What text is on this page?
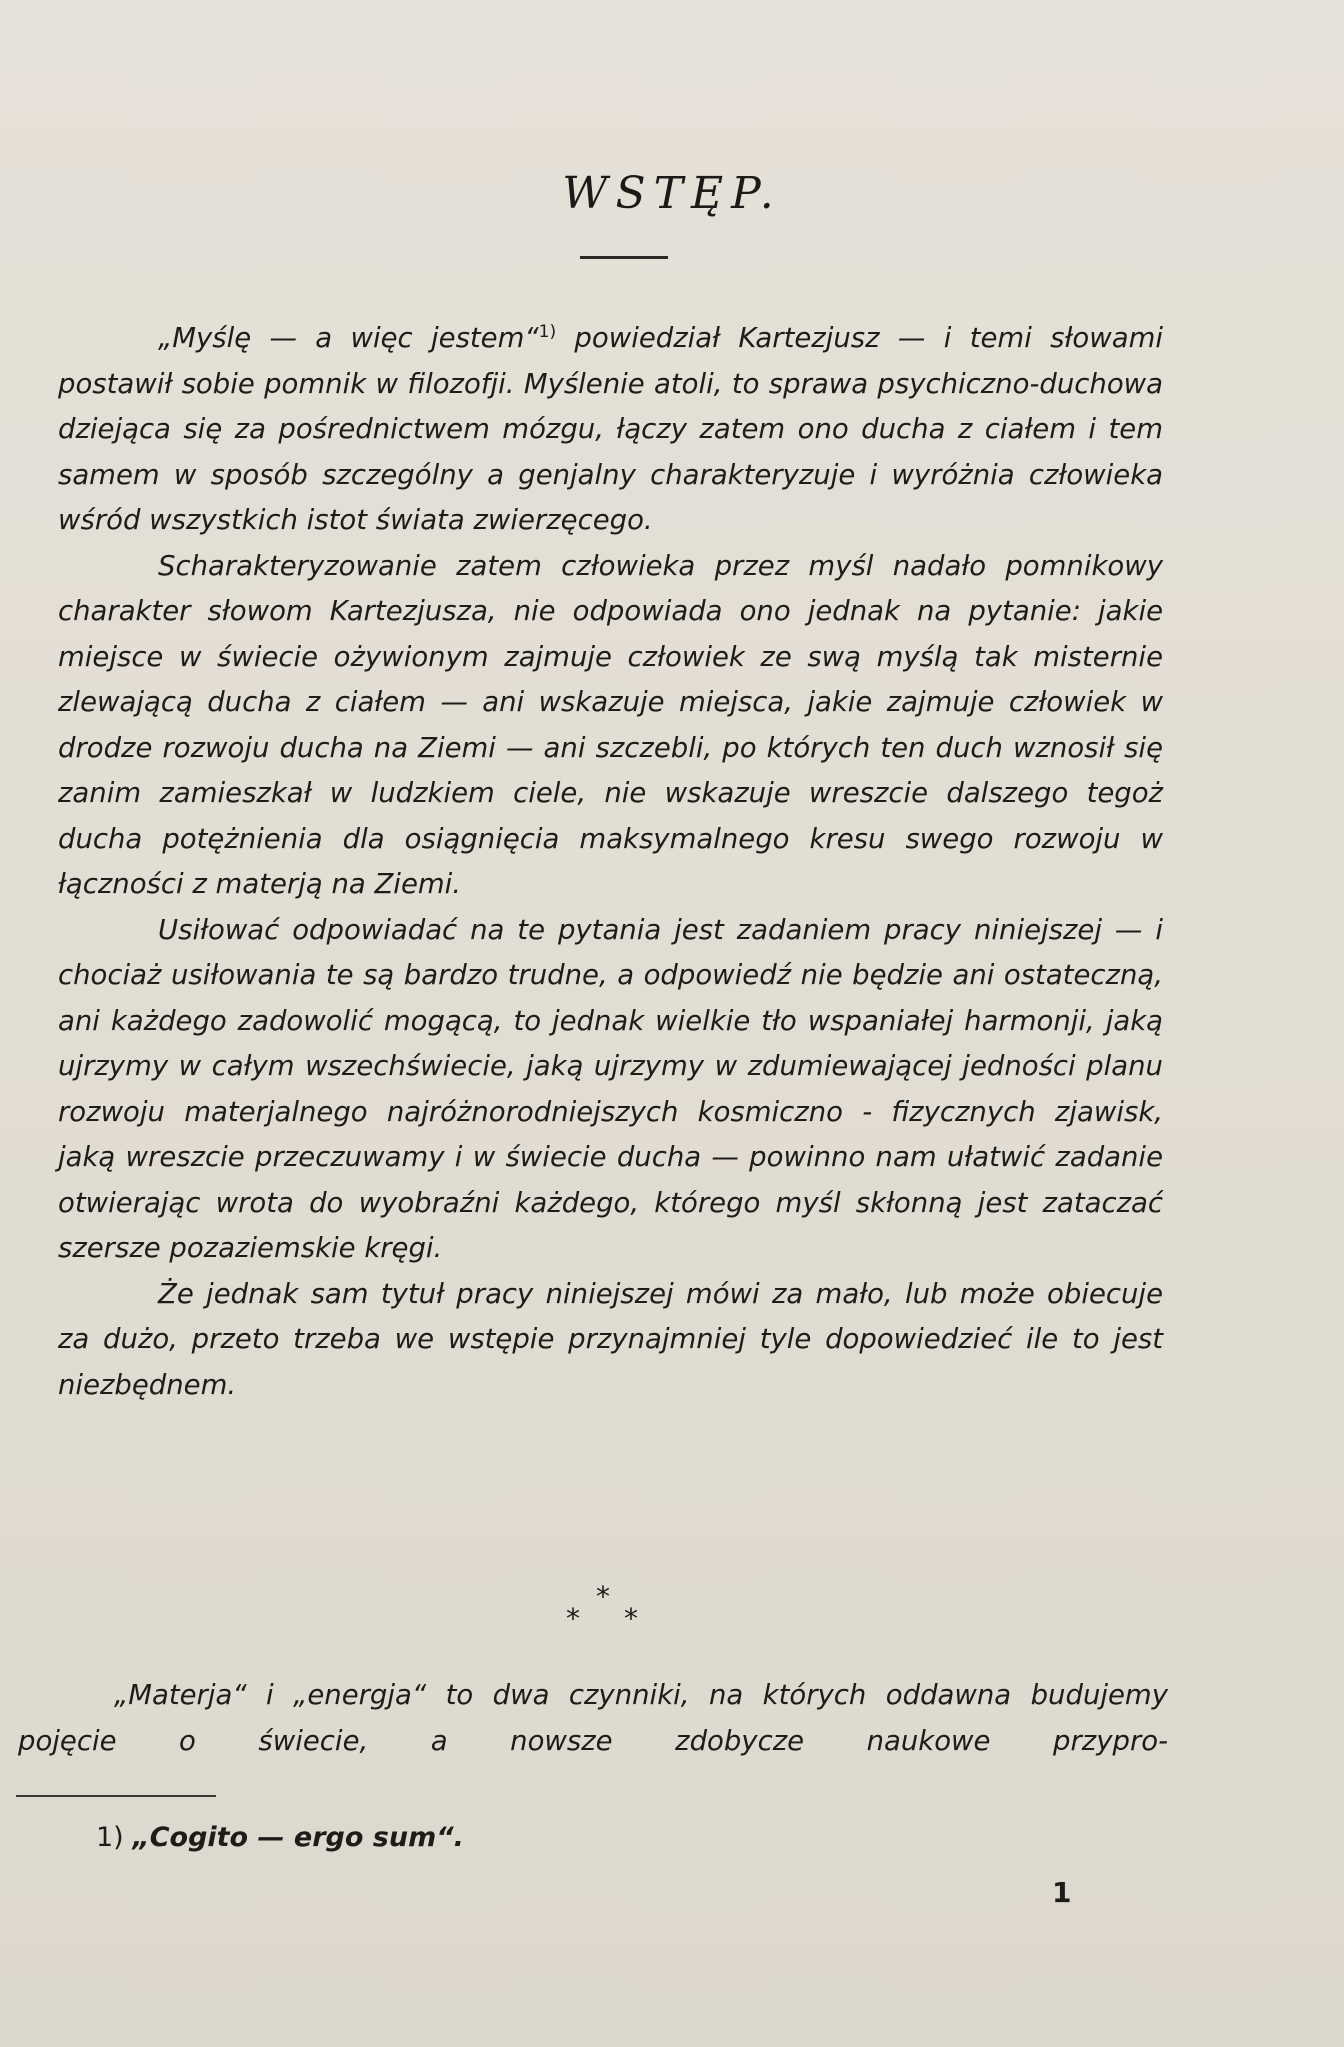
WSTĘP.

„Myślę — a więc jestem“$^{1)}$ powiedział Kartezjusz — i temi słowami postawił sobie pomnik w filozofji. Myślenie atoli, to sprawa psychiczno-duchowa dziejąca się za pośrednictwem mózgu, łączy zatem ono ducha z ciałem i tem samem w sposób szczególny a genjalny charakteryzuje i wyróżnia człowieka wśród wszystkich istot świata zwierzęcego.

Scharakteryzowanie zatem człowieka przez myśl nadało pomnikowy charakter słowom Kartezjusza, nie odpowiada ono jednak na pytanie: jakie miejsce w świecie ożywionym zajmuje człowiek ze swą myślą tak misternie zlewającą ducha z ciałem — ani wskazuje miejsca, jakie zajmuje człowiek w drodze rozwoju ducha na Ziemi — ani szczebli, po których ten duch wznosił się zanim zamieszkał w ludzkiem ciele, nie wskazuje wreszcie dalszego tegoż ducha potężnienia dla osiągnięcia maksymalnego kresu swego rozwoju w łączności z materją na Ziemi.

Usiłować odpowiadać na te pytania jest zadaniem pracy niniejszej — i chociaż usiłowania te są bardzo trudne, a odpowiedź nie będzie ani ostateczną, ani każdego zadowolić mogącą, to jednak wielkie tło wspaniałej harmonji, jaką ujrzymy w całym wszechświecie, jaką ujrzymy w zdumiewającej jedności planu rozwoju materjalnego najróżnorodniejszych kosmiczno - fizycznych zjawisk, jaką wreszcie przeczuwamy i w świecie ducha — powinno nam ułatwić zadanie otwierając wrota do wyobraźni każdego, którego myśl skłonną jest zataczać szersze pozaziemskie kręgi.

Że jednak sam tytuł pracy niniejszej mówi za mało, lub może obiecuje za dużo, przeto trzeba we wstępie przynajmniej tyle dopowiedzieć ile to jest niezbędnem.

*
* *

„Materja“ i „energja“ to dwa czynniki, na których oddawna budujemy pojęcie o świecie, a nowsze zdobycze naukowe przypro-

1) „Cogito — ergo sum“.
1
